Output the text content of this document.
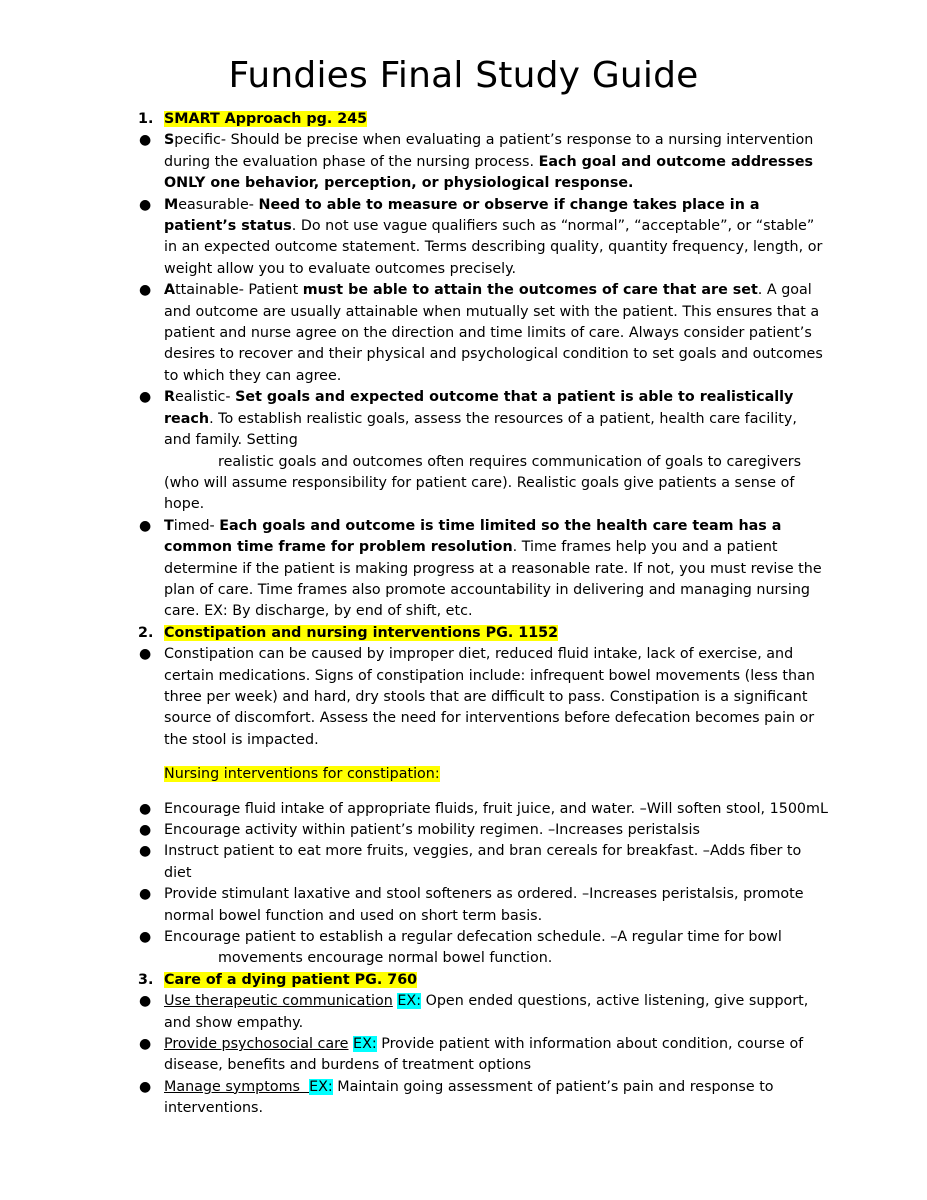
Fundies Final Study Guide
1. SMART Approach pg. 245
● Specific- Should be precise when evaluating a patient’s response to a nursing intervention during the evaluation phase of the nursing process. Each goal and outcome addresses ONLY one behavior, perception, or physiological response.
● Measurable- Need to able to measure or observe if change takes place in a patient’s status. Do not use vague qualifiers such as “normal”, “acceptable”, or “stable” in an expected outcome statement. Terms describing quality, quantity frequency, length, or weight allow you to evaluate outcomes precisely.
● Attainable- Patient must be able to attain the outcomes of care that are set. A goal and outcome are usually attainable when mutually set with the patient. This ensures that a patient and nurse agree on the direction and time limits of care. Always consider patient’s desires to recover and their physical and psychological condition to set goals and outcomes to which they can agree.
● Realistic- Set goals and expected outcome that a patient is able to realistically reach. To establish realistic goals, assess the resources of a patient, health care facility, and family. Setting
realistic goals and outcomes often requires communication of goals to caregivers (who will assume responsibility for patient care). Realistic goals give patients a sense of hope.
● Timed- Each goals and outcome is time limited so the health care team has a common time frame for problem resolution. Time frames help you and a patient determine if the patient is making progress at a reasonable rate. If not, you must revise the plan of care. Time frames also promote accountability in delivering and managing nursing care. EX: By discharge, by end of shift, etc.
2. Constipation and nursing interventions PG. 1152
● Constipation can be caused by improper diet, reduced fluid intake, lack of exercise, and certain medications. Signs of constipation include: infrequent bowel movements (less than three per week) and hard, dry stools that are difficult to pass. Constipation is a significant source of discomfort. Assess the need for interventions before defecation becomes pain or the stool is impacted.
Nursing interventions for constipation:
● Encourage fluid intake of appropriate fluids, fruit juice, and water. –Will soften stool, 1500mL
● Encourage activity within patient’s mobility regimen. –Increases peristalsis
● Instruct patient to eat more fruits, veggies, and bran cereals for breakfast. –Adds fiber to diet
● Provide stimulant laxative and stool softeners as ordered. –Increases peristalsis, promote normal bowel function and used on short term basis.
● Encourage patient to establish a regular defecation schedule. –A regular time for bowl
movements encourage normal bowel function.
3. Care of a dying patient PG. 760
● Use therapeutic communication EX: Open ended questions, active listening, give support, and show empathy.
● Provide psychosocial care EX: Provide patient with information about condition, course of disease, benefits and burdens of treatment options
● Manage symptoms  EX: Maintain going assessment of patient’s pain and response to interventions.
